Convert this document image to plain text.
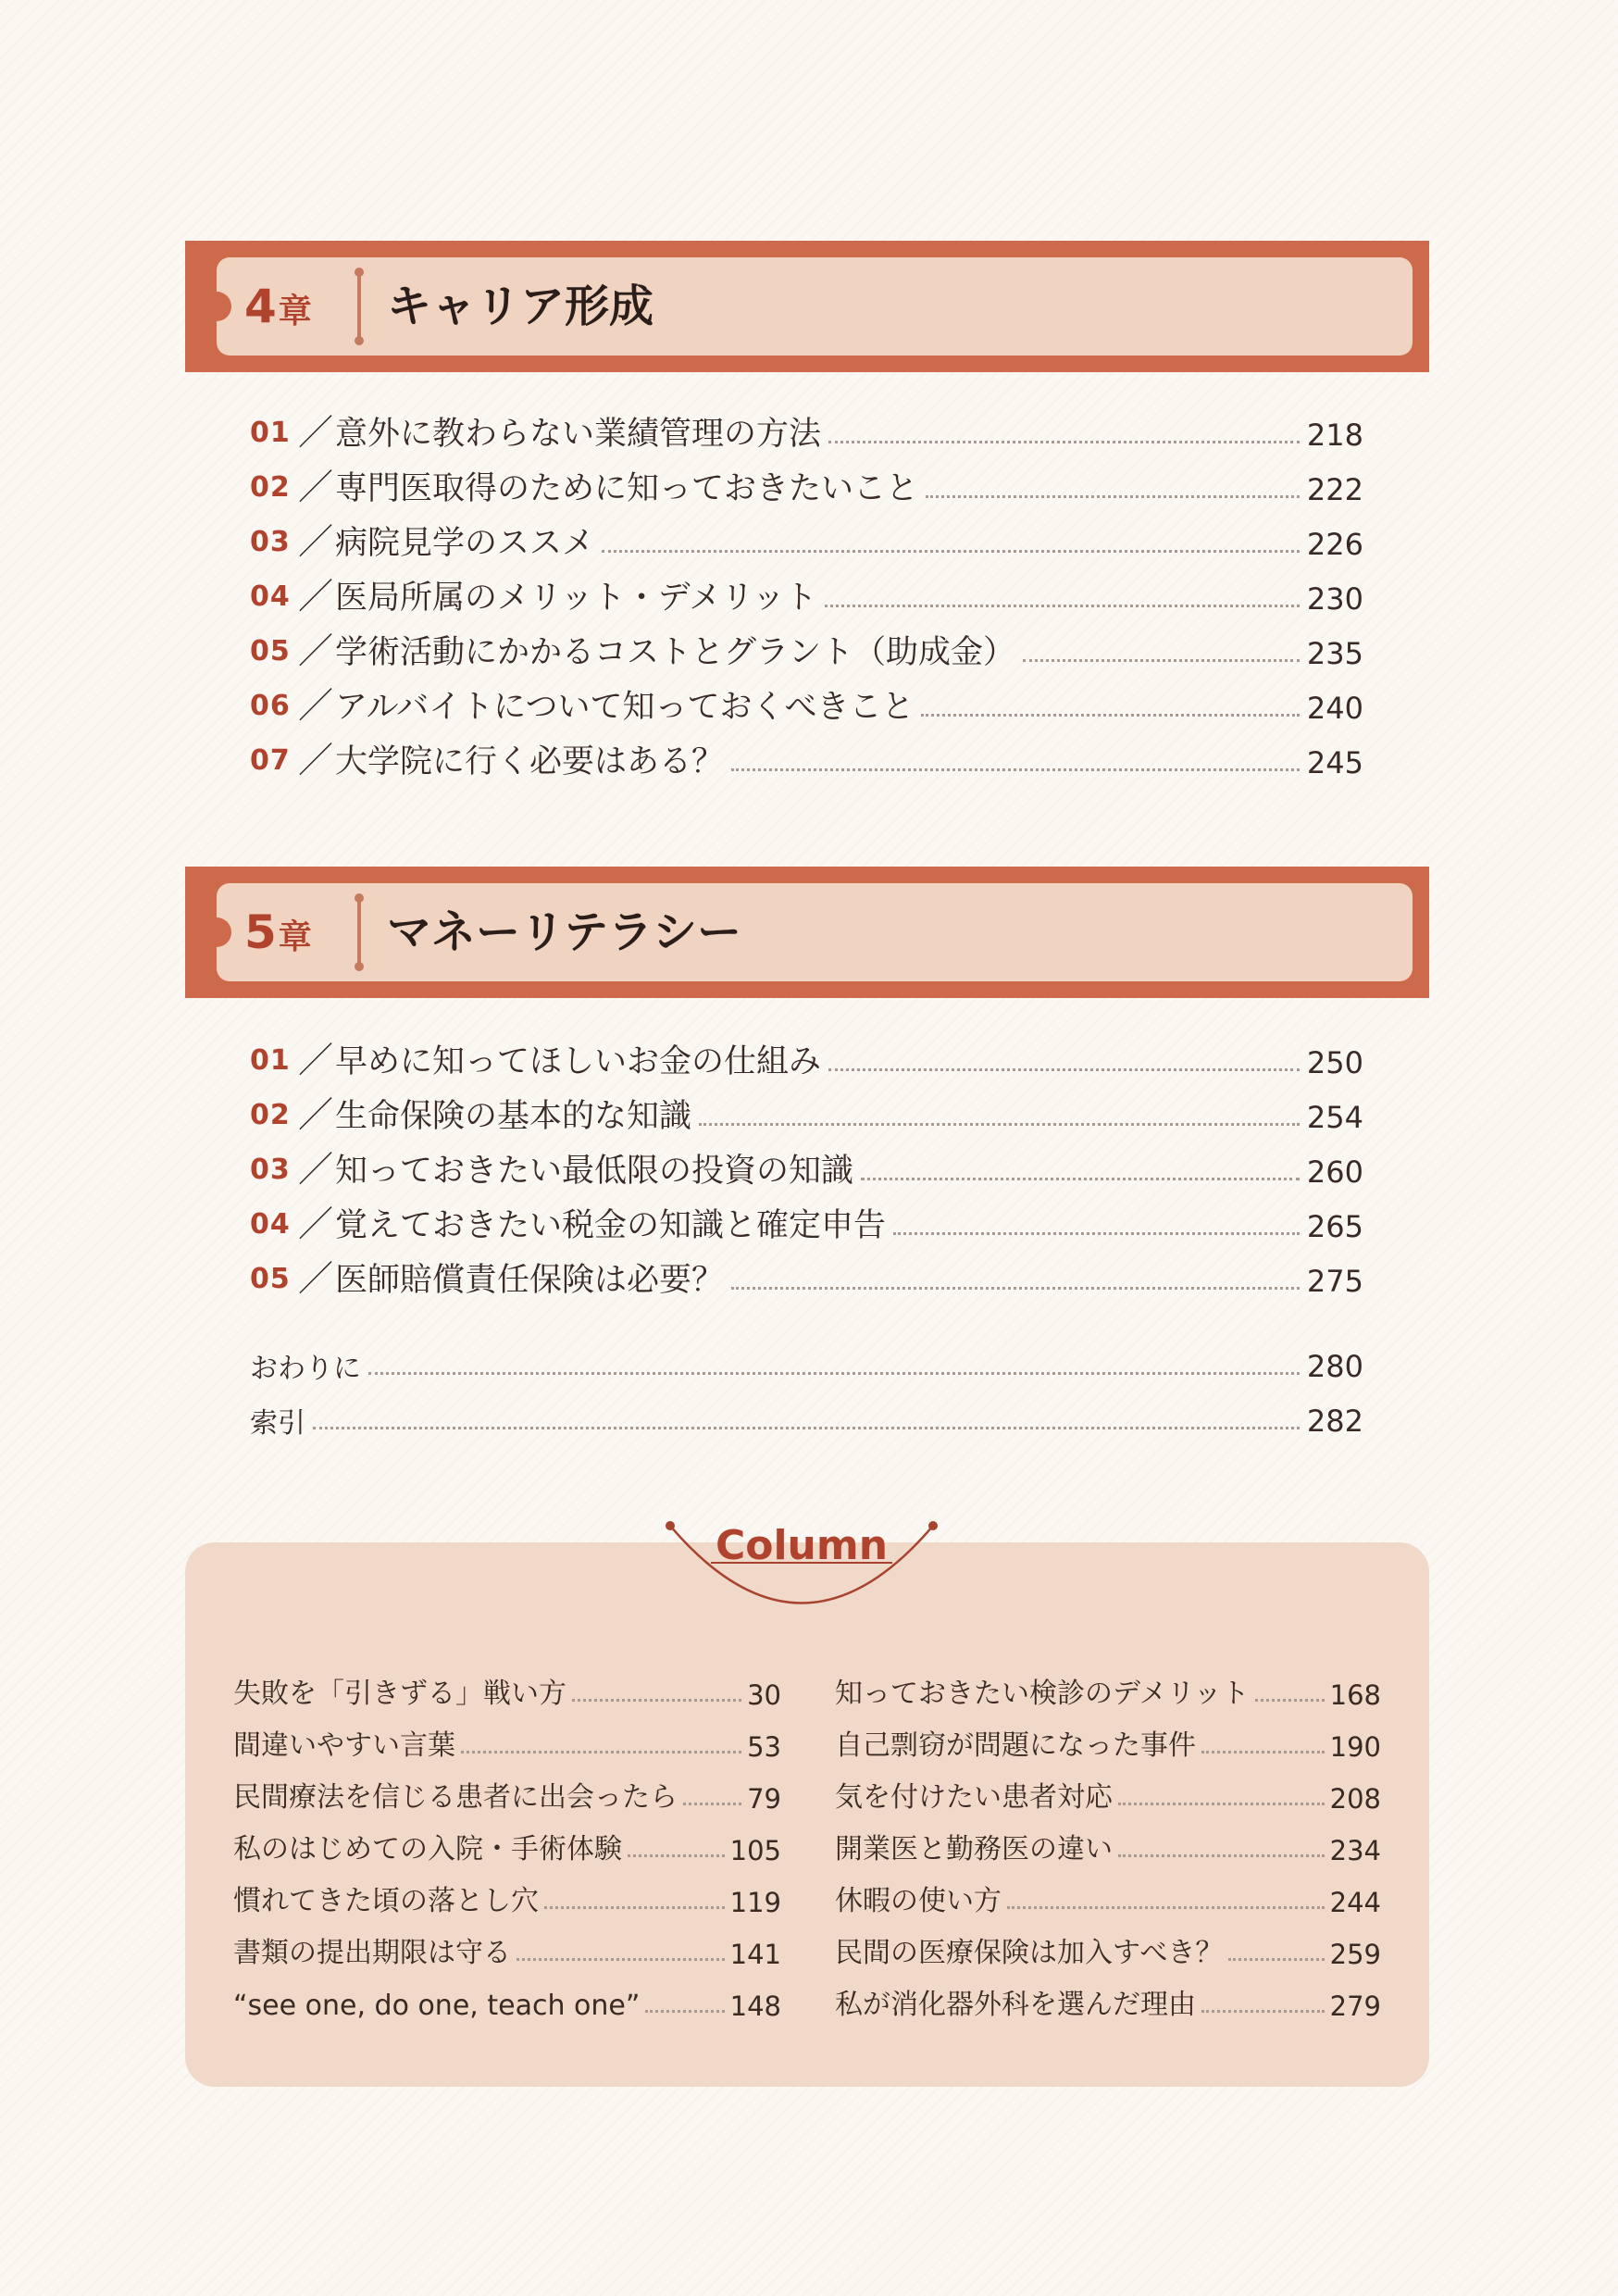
4章 キャリア形成
01 ／ 意外に教わらない業績管理の方法	218
02 ／ 専門医取得のために知っておきたいこと	222
03 ／ 病院見学のススメ	226
04 ／ 医局所属のメリット・デメリット	230
05 ／ 学術活動にかかるコストとグラント（助成金）	235
06 ／ アルバイトについて知っておくべきこと	240
07 ／ 大学院に行く必要はある？	245
5章 マネーリテラシー
01 ／ 早めに知ってほしいお金の仕組み	250
02 ／ 生命保険の基本的な知識	254
03 ／ 知っておきたい最低限の投資の知識	260
04 ／ 覚えておきたい税金の知識と確定申告	265
05 ／ 医師賠償責任保険は必要？	275
おわりに	280
索引	282
Column
失敗を「引きずる」戦い方	30
間違いやすい言葉	53
民間療法を信じる患者に出会ったら	79
私のはじめての入院・手術体験	105
慣れてきた頃の落とし穴	119
書類の提出期限は守る	141
“see one, do one, teach one”	148
知っておきたい検診のデメリット	168
自己剽窃が問題になった事件	190
気を付けたい患者対応	208
開業医と勤務医の違い	234
休暇の使い方	244
民間の医療保険は加入すべき？	259
私が消化器外科を選んだ理由	279
